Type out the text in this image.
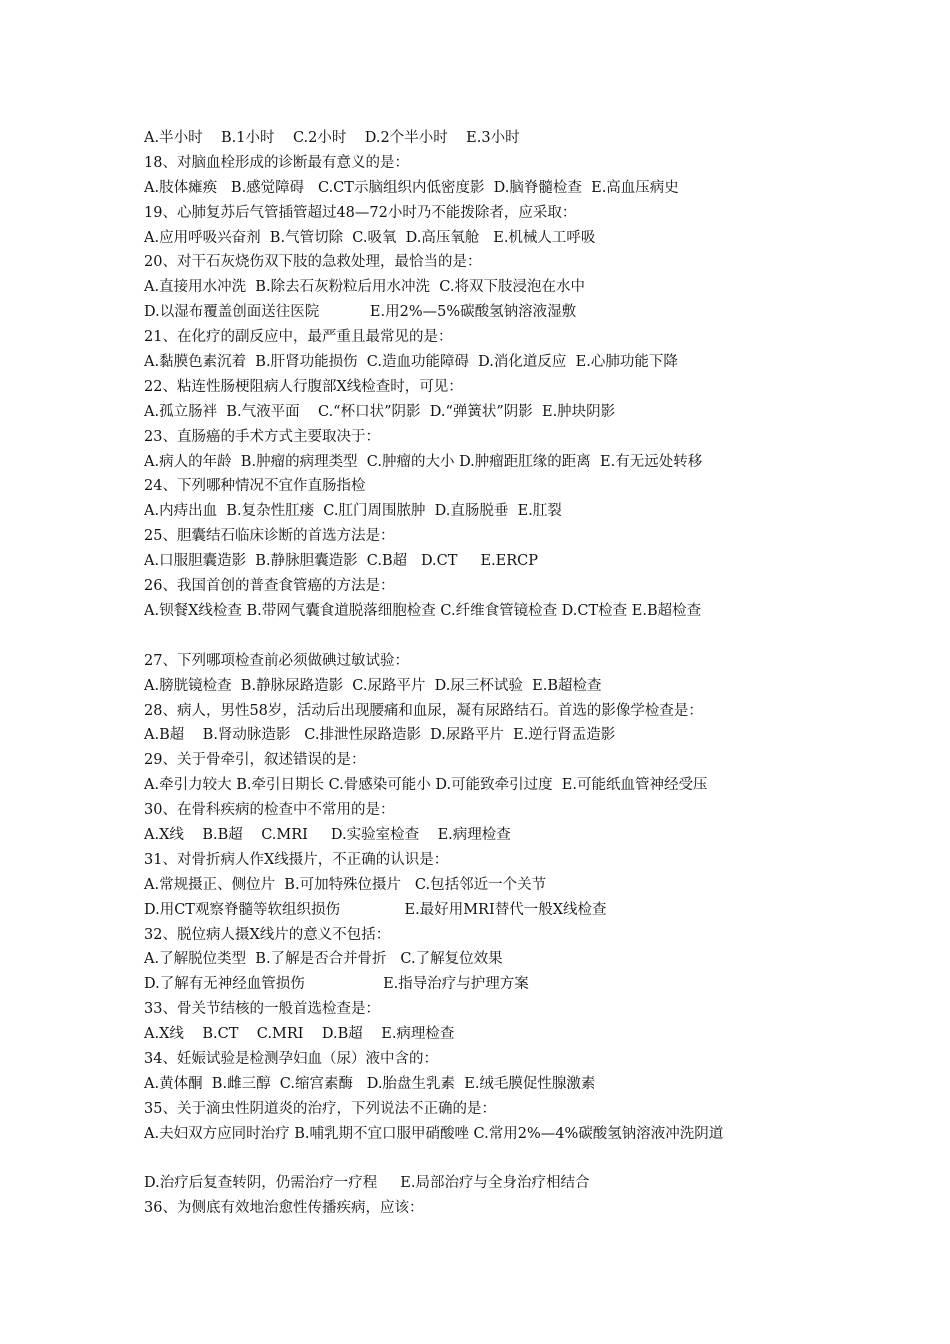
A.半小时    B.1小时    C.2小时    D.2个半小时    E.3小时
18、对脑血栓形成的诊断最有意义的是：
A.肢体瘫痪   B.感觉障碍   C.CT示脑组织内低密度影  D.脑脊髓检查  E.高血压病史
19、心肺复苏后气管插管超过48—72小时乃不能拨除者，应采取：
A.应用呼吸兴奋剂  B.气管切除  C.吸氧  D.高压氧舱   E.机械人工呼吸
20、对干石灰烧伤双下肢的急救处理，最恰当的是：
A.直接用水冲洗  B.除去石灰粉粒后用水冲洗  C.将双下肢浸泡在水中
D.以湿布覆盖创面送往医院           E.用2%—5%碳酸氢钠溶液湿敷
21、在化疗的副反应中，最严重且最常见的是：
A.黏膜色素沉着  B.肝肾功能损伤  C.造血功能障碍  D.消化道反应  E.心肺功能下降
22、粘连性肠梗阻病人行腹部X线检查时，可见：
A.孤立肠袢  B.气液平面    C.“杯口状”阴影  D.“弹簧状”阴影  E.肿块阴影
23、直肠癌的手术方式主要取决于：
A.病人的年龄  B.肿瘤的病理类型  C.肿瘤的大小 D.肿瘤距肛缘的距离  E.有无远处转移
24、下列哪种情况不宜作直肠指检
A.内痔出血  B.复杂性肛瘘  C.肛门周围脓肿  D.直肠脱垂  E.肛裂
25、胆囊结石临床诊断的首选方法是：
A.口服胆囊造影  B.静脉胆囊造影  C.B超   D.CT     E.ERCP
26、我国首创的普查食管癌的方法是：
A.钡餐X线检查 B.带网气囊食道脱落细胞检查 C.纤维食管镜检查 D.CT检查 E.B超检查
27、下列哪项检查前必须做碘过敏试验：
A.膀胱镜检查  B.静脉尿路造影  C.尿路平片  D.尿三杯试验  E.B超检查
28、病人，男性58岁，活动后出现腰痛和血尿，凝有尿路结石。首选的影像学检查是：
A.B超    B.肾动脉造影   C.排泄性尿路造影  D.尿路平片  E.逆行肾盂造影
29、关于骨牵引，叙述错误的是：
A.牵引力较大 B.牵引日期长 C.骨感染可能小 D.可能致牵引过度  E.可能纸血管神经受压
30、在骨科疾病的检查中不常用的是：
A.X线    B.B超    C.MRI     D.实验室检查    E.病理检查
31、对骨折病人作X线摄片，不正确的认识是：
A.常规摄正、侧位片  B.可加特殊位摄片   C.包括邻近一个关节
D.用CT观察脊髓等软组织损伤              E.最好用MRI替代一般X线检查
32、脱位病人摄X线片的意义不包括：
A.了解脱位类型  B.了解是否合并骨折   C.了解复位效果
D.了解有无神经血管损伤                 E.指导治疗与护理方案
33、骨关节结核的一般首选检查是：
A.X线    B.CT    C.MRI    D.B超    E.病理检查
34、妊娠试验是检测孕妇血（尿）液中含的：
A.黄体酮  B.雌三醇  C.缩宫素酶   D.胎盘生乳素  E.绒毛膜促性腺激素
35、关于滴虫性阴道炎的治疗，下列说法不正确的是：
A.夫妇双方应同时治疗 B.哺乳期不宜口服甲硝酸唑 C.常用2%—4%碳酸氢钠溶液冲洗阴道
D.治疗后复查转阴，仍需治疗一疗程     E.局部治疗与全身治疗相结合
36、为侧底有效地治愈性传播疾病，应该：
